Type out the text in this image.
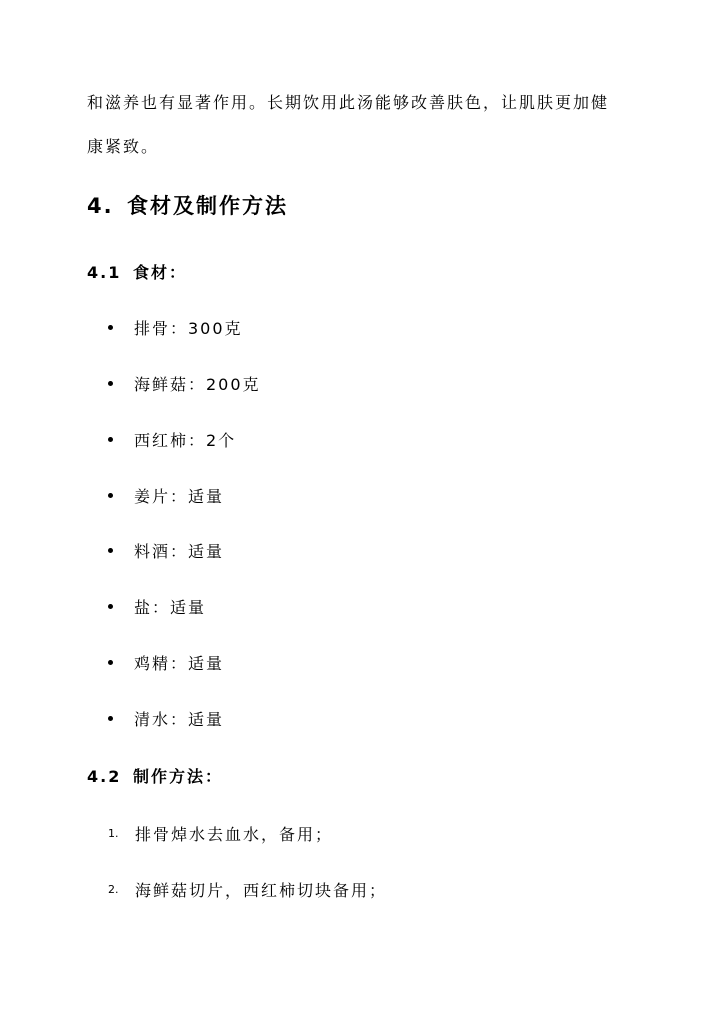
和滋养也有显著作用。长期饮用此汤能够改善肤色，让肌肤更加健
康紧致。
4. 食材及制作方法
4.1 食材：
排骨：300克
海鲜菇：200克
西红柿：2个
姜片：适量
料酒：适量
盐：适量
鸡精：适量
清水：适量
4.2 制作方法：
1.	排骨焯水去血水，备用；
2.	海鲜菇切片，西红柿切块备用；
